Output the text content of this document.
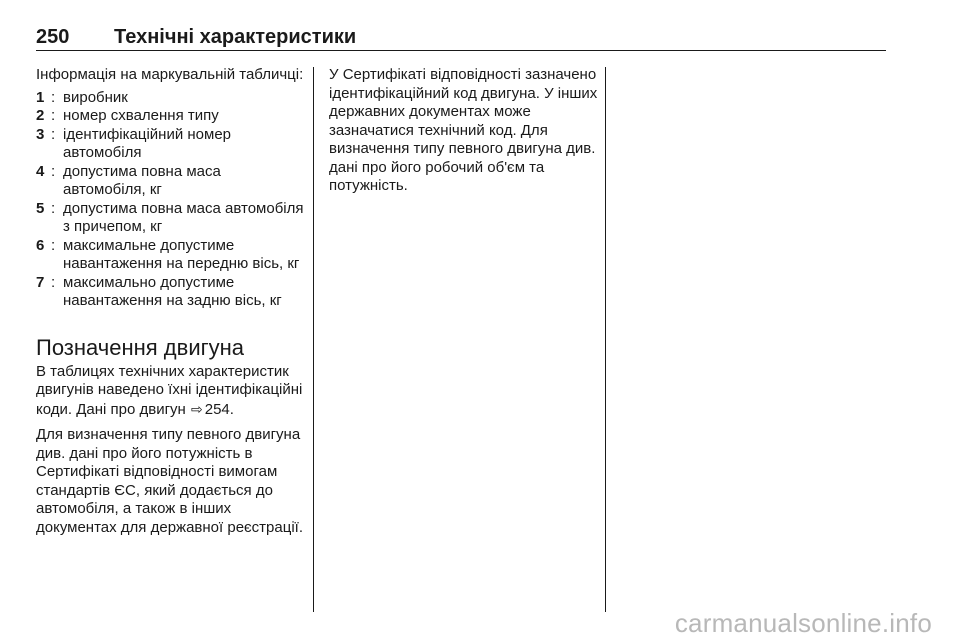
250 Технічні характеристики

Інформація на маркувальній табличці:

1 : виробник
2 : номер схвалення типу
3 : ідентифікаційний номер автомобіля
4 : допустима повна маса автомобіля, кг
5 : допустима повна маса автомобіля з причепом, кг
6 : максимальне допустиме навантаження на передню вісь, кг
7 : максимально допустиме навантаження на задню вісь, кг
Позначення двигуна

В таблицях технічних характеристик двигунів наведено їхні ідентифікаційні коди. Дані про двигун ⇨ 254.

Для визначення типу певного двигуна див. дані про його потужність в Сертифікаті відповідності вимогам стандартів ЄС, який додається до автомобіля, а також в інших документах для державної реєстрації.

У Сертифікаті відповідності зазначено ідентифікаційний код двигуна. У інших державних документах може зазначатися технічний код. Для визначення типу певного двигуна див. дані про його робочий об'єм та потужність.

carmanualsonline.info
